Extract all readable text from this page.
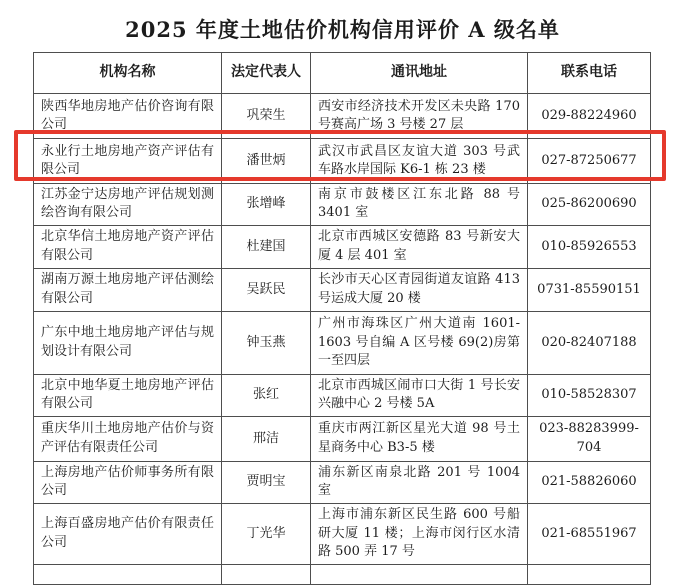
2025 年度土地估价机构信用评价 A 级名单
机构名称	法定代表人	通讯地址	联系电话
陕西华地房地产估价咨询有限公司	巩荣生	西安市经济技术开发区未央路 170 号赛高广场 3 号楼 27 层	029-88224960
永业行土地房地产资产评估有限公司	潘世炳	武汉市武昌区友谊大道 303 号武车路水岸国际 K6-1 栋 23 楼	027-87250677
江苏金宁达房地产评估规划测绘咨询有限公司	张增峰	南京市鼓楼区江东北路 88 号 3401 室	025-86200690
北京华信土地房地产资产评估有限公司	杜建国	北京市西城区安德路 83 号新安大厦 4 层 401 室	010-85926553
湖南万源土地房地产评估测绘有限公司	吴跃民	长沙市天心区青园街道友谊路 413 号运成大厦 20 楼	0731-85590151
广东中地土地房地产评估与规划设计有限公司	钟玉燕	广州市海珠区广州大道南 1601-1603 号自编 A 区号楼 69(2)房第一至四层	020-82407188
北京中地华夏土地房地产评估有限公司	张红	北京市西城区闹市口大街 1 号长安兴融中心 2 号楼 5A	010-58528307
重庆华川土地房地产估价与资产评估有限责任公司	邢洁	重庆市两江新区星光大道 98 号土星商务中心 B3-5 楼	023-88283999-704
上海房地产估价师事务所有限公司	贾明宝	浦东新区南泉北路 201 号 1004 室	021-58826060
上海百盛房地产估价有限责任公司	丁光华	上海市浦东新区民生路 600 号船研大厦 11 楼；上海市闵行区水清路 500 弄 17 号	021-68551967
